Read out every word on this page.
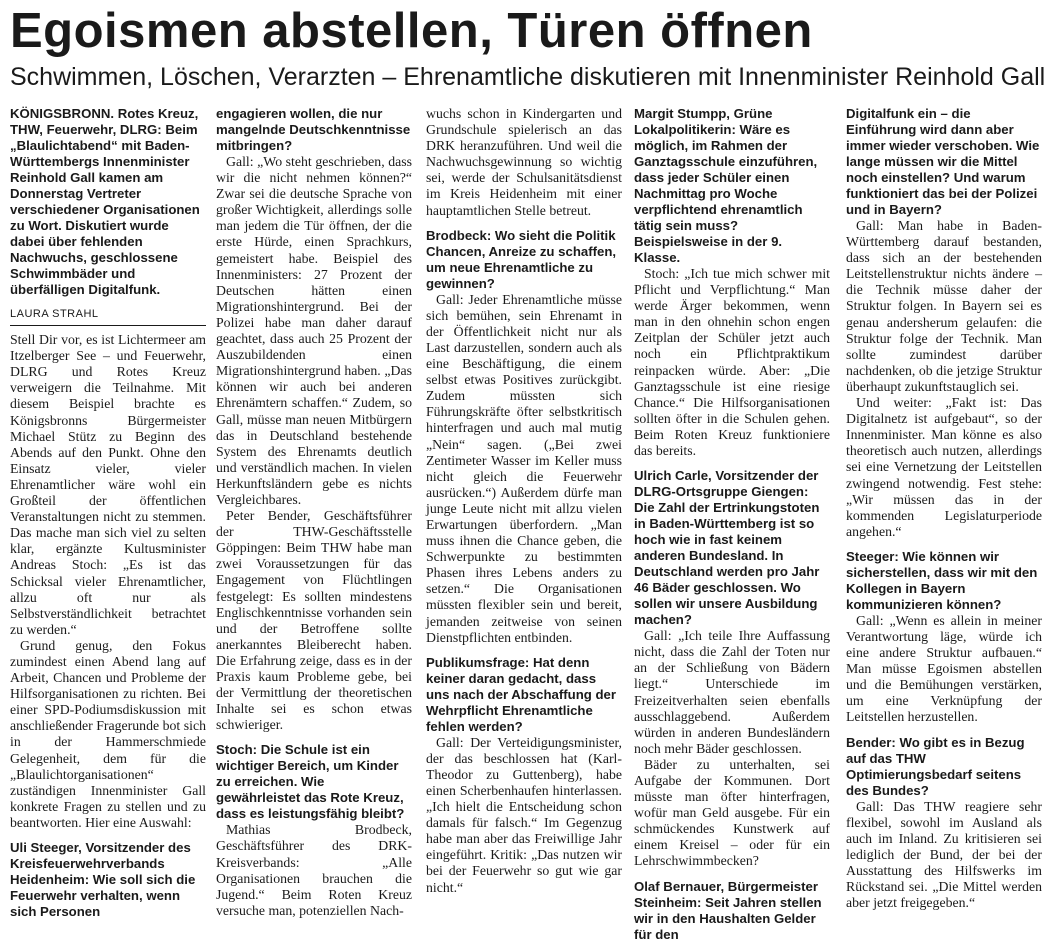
Egoismen abstellen, Türen öffnen
Schwimmen, Löschen, Verarzten – Ehrenamtliche diskutieren mit Innenminister Reinhold Gall

KÖNIGSBRONN. Rotes Kreuz, THW, Feuerwehr, DLRG: Beim „Blaulichtabend“ mit Baden-Württembergs Innenminister Reinhold Gall kamen am Donnerstag Vertreter verschiedener Organisationen zu Wort. Diskutiert wurde dabei über fehlenden Nachwuchs, geschlossene Schwimmbäder und überfälligen Digitalfunk.

LAURA STRAHL

Stell Dir vor, es ist Lichtermeer am Itzelberger See – und Feuerwehr, DLRG und Rotes Kreuz verweigern die Teilnahme. Mit diesem Beispiel brachte es Königsbronns Bürgermeister Michael Stütz zu Beginn des Abends auf den Punkt. Ohne den Einsatz vieler, vieler Ehrenamtlicher wäre wohl ein Großteil der öffentlichen Veranstaltungen nicht zu stemmen. Das mache man sich viel zu selten klar, ergänzte Kultusminister Andreas Stoch: „Es ist das Schicksal vieler Ehrenamtlicher, allzu oft nur als Selbstverständlichkeit betrachtet zu werden.“

Grund genug, den Fokus zumindest einen Abend lang auf Arbeit, Chancen und Probleme der Hilfsorganisationen zu richten. Bei einer SPD-Podiumsdiskussion mit anschließender Fragerunde bot sich in der Hammerschmiede Gelegenheit, dem für die „Blaulichtorganisationen“ zuständigen Innenminister Gall konkrete Fragen zu stellen und zu beantworten. Hier eine Auswahl:

Uli Steeger, Vorsitzender des Kreisfeuerwehrverbands Heidenheim: Wie soll sich die Feuerwehr verhalten, wenn sich Personen

engagieren wollen, die nur mangelnde Deutschkenntnisse mitbringen?

Gall: „Wo steht geschrieben, dass wir die nicht nehmen können?“ Zwar sei die deutsche Sprache von großer Wichtigkeit, allerdings solle man jedem die Tür öffnen, der die erste Hürde, einen Sprachkurs, gemeistert habe. Beispiel des Innenministers: 27 Prozent der Deutschen hätten einen Migrationshintergrund. Bei der Polizei habe man daher darauf geachtet, dass auch 25 Prozent der Auszubildenden einen Migrationshintergrund haben. „Das können wir auch bei anderen Ehrenämtern schaffen.“ Zudem, so Gall, müsse man neuen Mitbürgern das in Deutschland bestehende System des Ehrenamts deutlich und verständlich machen. In vielen Herkunftsländern gebe es nichts Vergleichbares.

Peter Bender, Geschäftsführer der THW-Geschäftsstelle Göppingen: Beim THW habe man zwei Voraussetzungen für das Engagement von Flüchtlingen festgelegt: Es sollten mindestens Englischkenntnisse vorhanden sein und der Betroffene sollte anerkanntes Bleiberecht haben. Die Erfahrung zeige, dass es in der Praxis kaum Probleme gebe, bei der Vermittlung der theoretischen Inhalte sei es schon etwas schwieriger.

Stoch: Die Schule ist ein wichtiger Bereich, um Kinder zu erreichen. Wie gewährleistet das Rote Kreuz, dass es leistungsfähig bleibt?

Mathias Brodbeck, Geschäftsführer des DRK-Kreisverbands: „Alle Organisationen brauchen die Jugend.“ Beim Roten Kreuz versuche man, potenziellen Nach-

wuchs schon in Kindergarten und Grundschule spielerisch an das DRK heranzuführen. Und weil die Nachwuchsgewinnung so wichtig sei, werde der Schulsanitätsdienst im Kreis Heidenheim mit einer hauptamtlichen Stelle betreut.

Brodbeck: Wo sieht die Politik Chancen, Anreize zu schaffen, um neue Ehrenamtliche zu gewinnen?

Gall: Jeder Ehrenamtliche müsse sich bemühen, sein Ehrenamt in der Öffentlichkeit nicht nur als Last darzustellen, sondern auch als eine Beschäftigung, die einem selbst etwas Positives zurückgibt. Zudem müssten sich Führungskräfte öfter selbstkritisch hinterfragen und auch mal mutig „Nein“ sagen. („Bei zwei Zentimeter Wasser im Keller muss nicht gleich die Feuerwehr ausrücken.“) Außerdem dürfe man junge Leute nicht mit allzu vielen Erwartungen überfordern. „Man muss ihnen die Chance geben, die Schwerpunkte zu bestimmten Phasen ihres Lebens anders zu setzen.“ Die Organisationen müssten flexibler sein und bereit, jemanden zeitweise von seinen Dienstpflichten entbinden.

Publikumsfrage: Hat denn keiner daran gedacht, dass uns nach der Abschaffung der Wehrpflicht Ehrenamtliche fehlen werden?

Gall: Der Verteidigungsminister, der das beschlossen hat (Karl-Theodor zu Guttenberg), habe einen Scherbenhaufen hinterlassen. „Ich hielt die Entscheidung schon damals für falsch.“ Im Gegenzug habe man aber das Freiwillige Jahr eingeführt. Kritik: „Das nutzen wir bei der Feuerwehr so gut wie gar nicht.“

Margit Stumpp, Grüne Lokalpolitikerin: Wäre es möglich, im Rahmen der Ganztagsschule einzuführen, dass jeder Schüler einen Nachmittag pro Woche verpflichtend ehrenamtlich tätig sein muss? Beispielsweise in der 9. Klasse.

Stoch: „Ich tue mich schwer mit Pflicht und Verpflichtung.“ Man werde Ärger bekommen, wenn man in den ohnehin schon engen Zeitplan der Schüler jetzt auch noch ein Pflichtpraktikum reinpacken würde. Aber: „Die Ganztagsschule ist eine riesige Chance.“ Die Hilfsorganisationen sollten öfter in die Schulen gehen. Beim Roten Kreuz funktioniere das bereits.

Ulrich Carle, Vorsitzender der DLRG-Ortsgruppe Giengen: Die Zahl der Ertrinkungstoten in Baden-Württemberg ist so hoch wie in fast keinem anderen Bundesland. In Deutschland werden pro Jahr 46 Bäder geschlossen. Wo sollen wir unsere Ausbildung machen?

Gall: „Ich teile Ihre Auffassung nicht, dass die Zahl der Toten nur an der Schließung von Bädern liegt.“ Unterschiede im Freizeitverhalten seien ebenfalls ausschlaggebend. Außerdem würden in anderen Bundesländern noch mehr Bäder geschlossen.

Bäder zu unterhalten, sei Aufgabe der Kommunen. Dort müsste man öfter hinterfragen, wofür man Geld ausgebe. Für ein schmückendes Kunstwerk auf einem Kreisel – oder für ein Lehrschwimmbecken?

Olaf Bernauer, Bürgermeister Steinheim: Seit Jahren stellen wir in den Haushalten Gelder für den

Digitalfunk ein – die Einführung wird dann aber immer wieder verschoben. Wie lange müssen wir die Mittel noch einstellen? Und warum funktioniert das bei der Polizei und in Bayern?

Gall: Man habe in Baden-Württemberg darauf bestanden, dass sich an der bestehenden Leitstellenstruktur nichts ändere – die Technik müsse daher der Struktur folgen. In Bayern sei es genau andersherum gelaufen: die Struktur folge der Technik. Man sollte zumindest darüber nachdenken, ob die jetzige Struktur überhaupt zukunftstauglich sei.

Und weiter: „Fakt ist: Das Digitalnetz ist aufgebaut“, so der Innenminister. Man könne es also theoretisch auch nutzen, allerdings sei eine Vernetzung der Leitstellen zwingend notwendig. Fest stehe: „Wir müssen das in der kommenden Legislaturperiode angehen.“

Steeger: Wie können wir sicherstellen, dass wir mit den Kollegen in Bayern kommunizieren können?

Gall: „Wenn es allein in meiner Verantwortung läge, würde ich eine andere Struktur aufbauen.“ Man müsse Egoismen abstellen und die Bemühungen verstärken, um eine Verknüpfung der Leitstellen herzustellen.

Bender: Wo gibt es in Bezug auf das THW Optimierungsbedarf seitens des Bundes?

Gall: Das THW reagiere sehr flexibel, sowohl im Ausland als auch im Inland. Zu kritisieren sei lediglich der Bund, der bei der Ausstattung des Hilfswerks im Rückstand sei. „Die Mittel werden aber jetzt freigegeben.“
